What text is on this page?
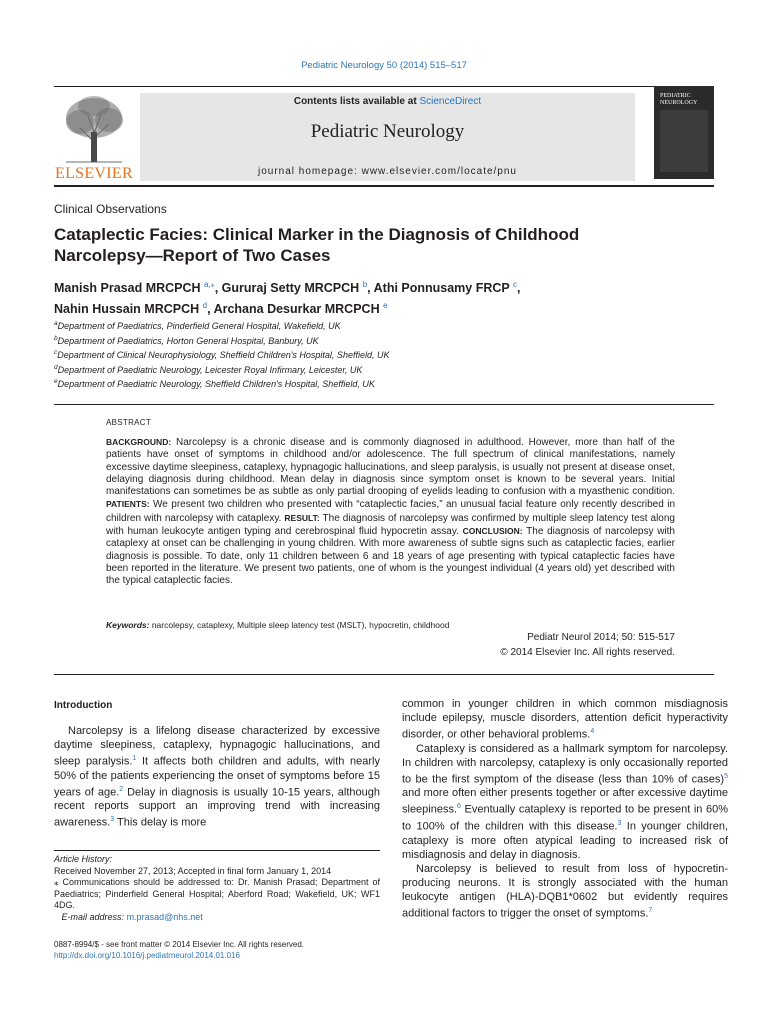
Pediatric Neurology 50 (2014) 515–517
ELSEVIER
Contents lists available at ScienceDirect
Pediatric Neurology
journal homepage: www.elsevier.com/locate/pnu
PEDIATRIC
NEUROLOGY
Clinical Observations
Cataplectic Facies: Clinical Marker in the Diagnosis of Childhood Narcolepsy—Report of Two Cases
Manish Prasad MRCPCH $^{a,⁎}$, Gururaj Setty MRCPCH $^b$, Athi Ponnusamy FRCP $^c$,
Nahin Hussain MRCPCH $^d$, Archana Desurkar MRCPCH $^e$
$^a$Department of Paediatrics, Pinderfield General Hospital, Wakefield, UK
$^b$Department of Paediatrics, Horton General Hospital, Banbury, UK
$^c$Department of Clinical Neurophysiology, Sheffield Children's Hospital, Sheffield, UK
$^d$Department of Paediatric Neurology, Leicester Royal Infirmary, Leicester, UK
$^e$Department of Paediatric Neurology, Sheffield Children's Hospital, Sheffield, UK
ABSTRACT
BACKGROUND: Narcolepsy is a chronic disease and is commonly diagnosed in adulthood. However, more than half of the patients have onset of symptoms in childhood and/or adolescence. The full spectrum of clinical manifestations, namely excessive daytime sleepiness, cataplexy, hypnagogic hallucinations, and sleep paralysis, is usually not present at disease onset, delaying diagnosis during childhood. Mean delay in diagnosis since symptom onset is known to be several years. Initial manifestations can sometimes be as subtle as only partial drooping of eyelids leading to confusion with a myasthenic condition. PATIENTS: We present two children who presented with “cataplectic facies,” an unusual facial feature only recently described in children with narcolepsy with cataplexy. RESULT: The diagnosis of narcolepsy was confirmed by multiple sleep latency test along with human leukocyte antigen typing and cerebrospinal fluid hypocretin assay. CONCLUSION: The diagnosis of narcolepsy with cataplexy at onset can be challenging in young children. With more awareness of subtle signs such as cataplectic facies, earlier diagnosis is possible. To date, only 11 children between 6 and 18 years of age presenting with typical cataplectic facies have been reported in the literature. We present two patients, one of whom is the youngest individual (4 years old) yet described with the typical cataplectic facies.
Keywords: narcolepsy, cataplexy, Multiple sleep latency test (MSLT), hypocretin, childhood
Pediatr Neurol 2014; 50: 515-517
© 2014 Elsevier Inc. All rights reserved.
Introduction

Narcolepsy is a lifelong disease characterized by excessive daytime sleepiness, cataplexy, hypnagogic hallucinations, and sleep paralysis.$^1$ It affects both children and adults, with nearly 50% of the patients experiencing the onset of symptoms before 15 years of age.$^2$ Delay in diagnosis is usually 10-15 years, although recent reports support an improving trend with increasing awareness.$^3$ This delay is more

common in younger children in which common misdiagnosis include epilepsy, muscle disorders, attention deficit hyperactivity disorder, or other behavioral problems.$^4$

Cataplexy is considered as a hallmark symptom for narcolepsy. In children with narcolepsy, cataplexy is only occasionally reported to be the first symptom of the disease (less than 10% of cases)$^5$ and more often either presents together or after excessive daytime sleepiness.$^6$ Eventually cataplexy is reported to be present in 60% to 100% of the children with this disease.$^3$ In younger children, cataplexy is more often atypical leading to increased risk of misdiagnosis and delay in diagnosis.

Narcolepsy is believed to result from loss of hypocretin-producing neurons. It is strongly associated with the human leukocyte antigen (HLA)-DQB1*0602 but evidently requires additional factors to trigger the onset of symptoms.$^7$

Article History:
Received November 27, 2013; Accepted in final form January 1, 2014
⁎ Communications should be addressed to: Dr. Manish Prasad; Department of Paediatrics; Pinderfield General Hospital; Aberford Road; Wakefield, UK; WF1 4DG.
E-mail address: m.prasad@nhs.net
0887-8994/$ - see front matter © 2014 Elsevier Inc. All rights reserved.
http://dx.doi.org/10.1016/j.pediatrneurol.2014.01.016
